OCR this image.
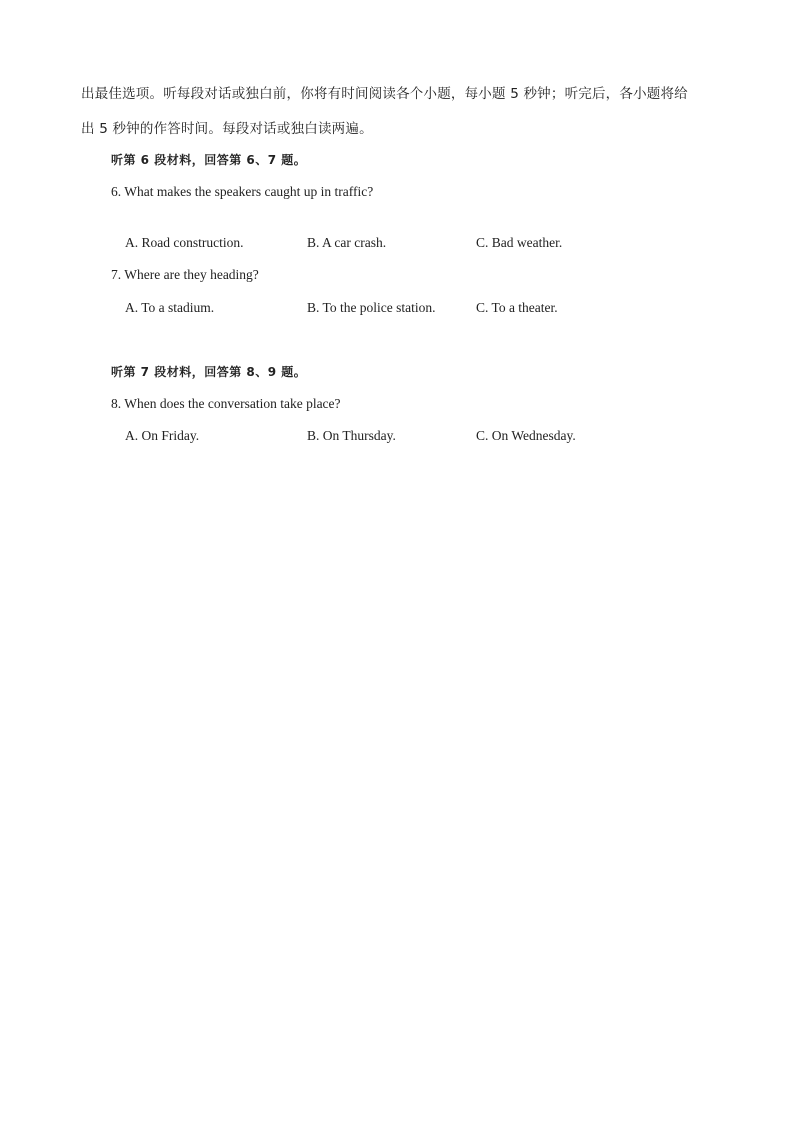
出最佳选项。听每段对话或独白前，你将有时间阅读各个小题，每小题 5 秒钟；听完后，各小题将给
出 5 秒钟的作答时间。每段对话或独白读两遍。
听第 6 段材料，回答第 6、7 题。
6. What makes the speakers caught up in traffic?
A. Road construction.	B. A car crash.	C. Bad weather.
7. Where are they heading?
A. To a stadium.	B. To the police station.	C. To a theater.
听第 7 段材料，回答第 8、9 题。
8. When does the conversation take place?
A. On Friday.	B. On Thursday.	C. On Wednesday.
